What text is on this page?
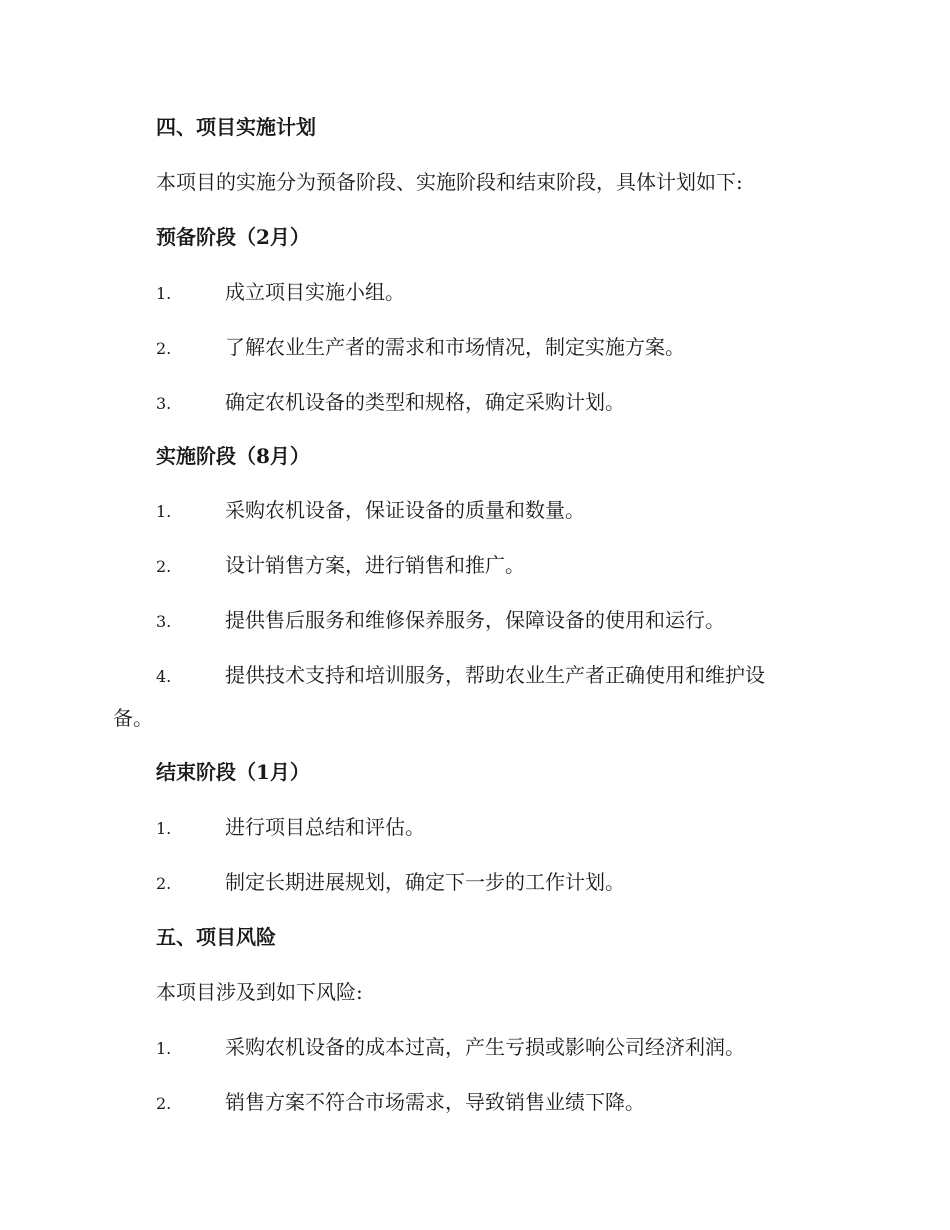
四、项目实施计划
本项目的实施分为预备阶段、实施阶段和结束阶段，具体计划如下:
预备阶段（2月）
1.	成立项目实施小组。
2.	了解农业生产者的需求和市场情况，制定实施方案。
3.	确定农机设备的类型和规格，确定采购计划。
实施阶段（8月）
1.	采购农机设备，保证设备的质量和数量。
2.	设计销售方案，进行销售和推广。
3.	提供售后服务和维修保养服务，保障设备的使用和运行。
4.	提供技术支持和培训服务，帮助农业生产者正确使用和维护设
备。
结束阶段（1月）
1.	进行项目总结和评估。
2.	制定长期进展规划，确定下一步的工作计划。
五、项目风险
本项目涉及到如下风险:
1.	采购农机设备的成本过高，产生亏损或影响公司经济利润。
2.	销售方案不符合市场需求，导致销售业绩下降。
